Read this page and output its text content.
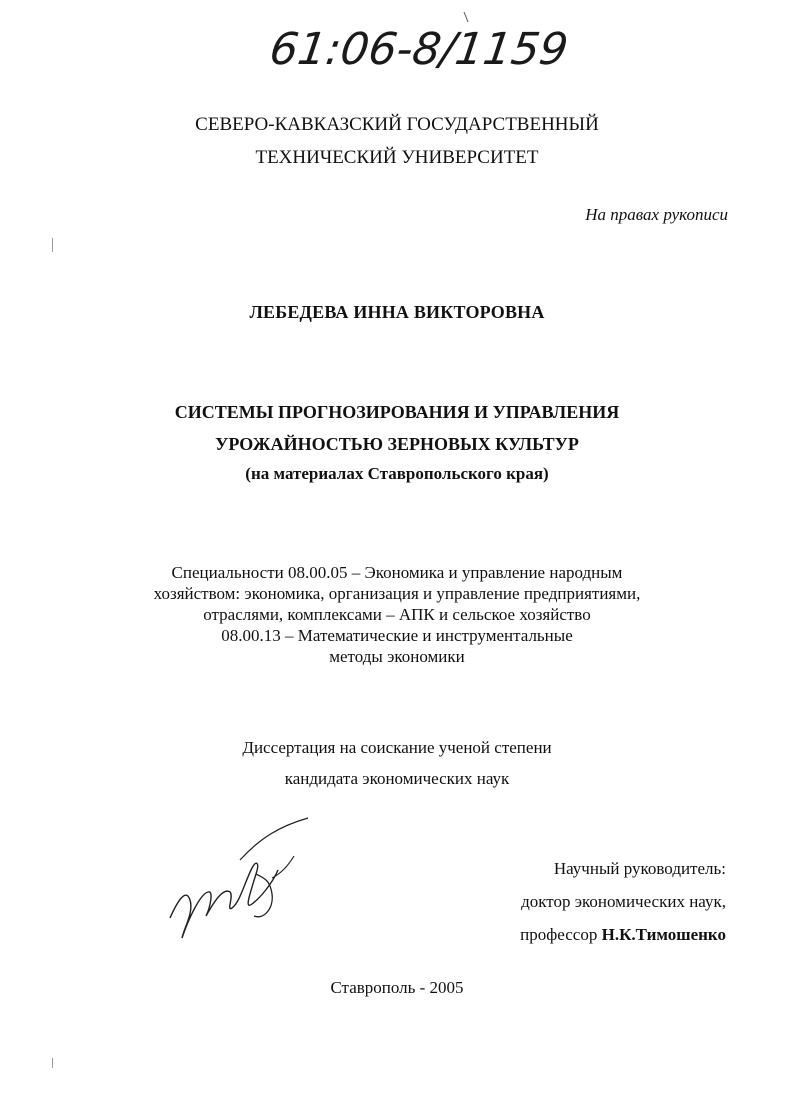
61:06-8/1159
СЕВЕРО-КАВКАЗСКИЙ ГОСУДАРСТВЕННЫЙ
ТЕХНИЧЕСКИЙ УНИВЕРСИТЕТ
На правах рукописи
ЛЕБЕДЕВА ИННА ВИКТОРОВНА
СИСТЕМЫ ПРОГНОЗИРОВАНИЯ И УПРАВЛЕНИЯ
УРОЖАЙНОСТЬЮ ЗЕРНОВЫХ КУЛЬТУР
(на материалах Ставропольского края)
Специальности 08.00.05 – Экономика и управление народным
хозяйством: экономика, организация и управление предприятиями,
отраслями, комплексами – АПК и сельское хозяйство
08.00.13 – Математические и инструментальные
методы экономики
Диссертация на соискание ученой степени
кандидата экономических наук
Научный руководитель:
доктор экономических наук,
профессор Н.К.Тимошенко
Ставрополь - 2005
